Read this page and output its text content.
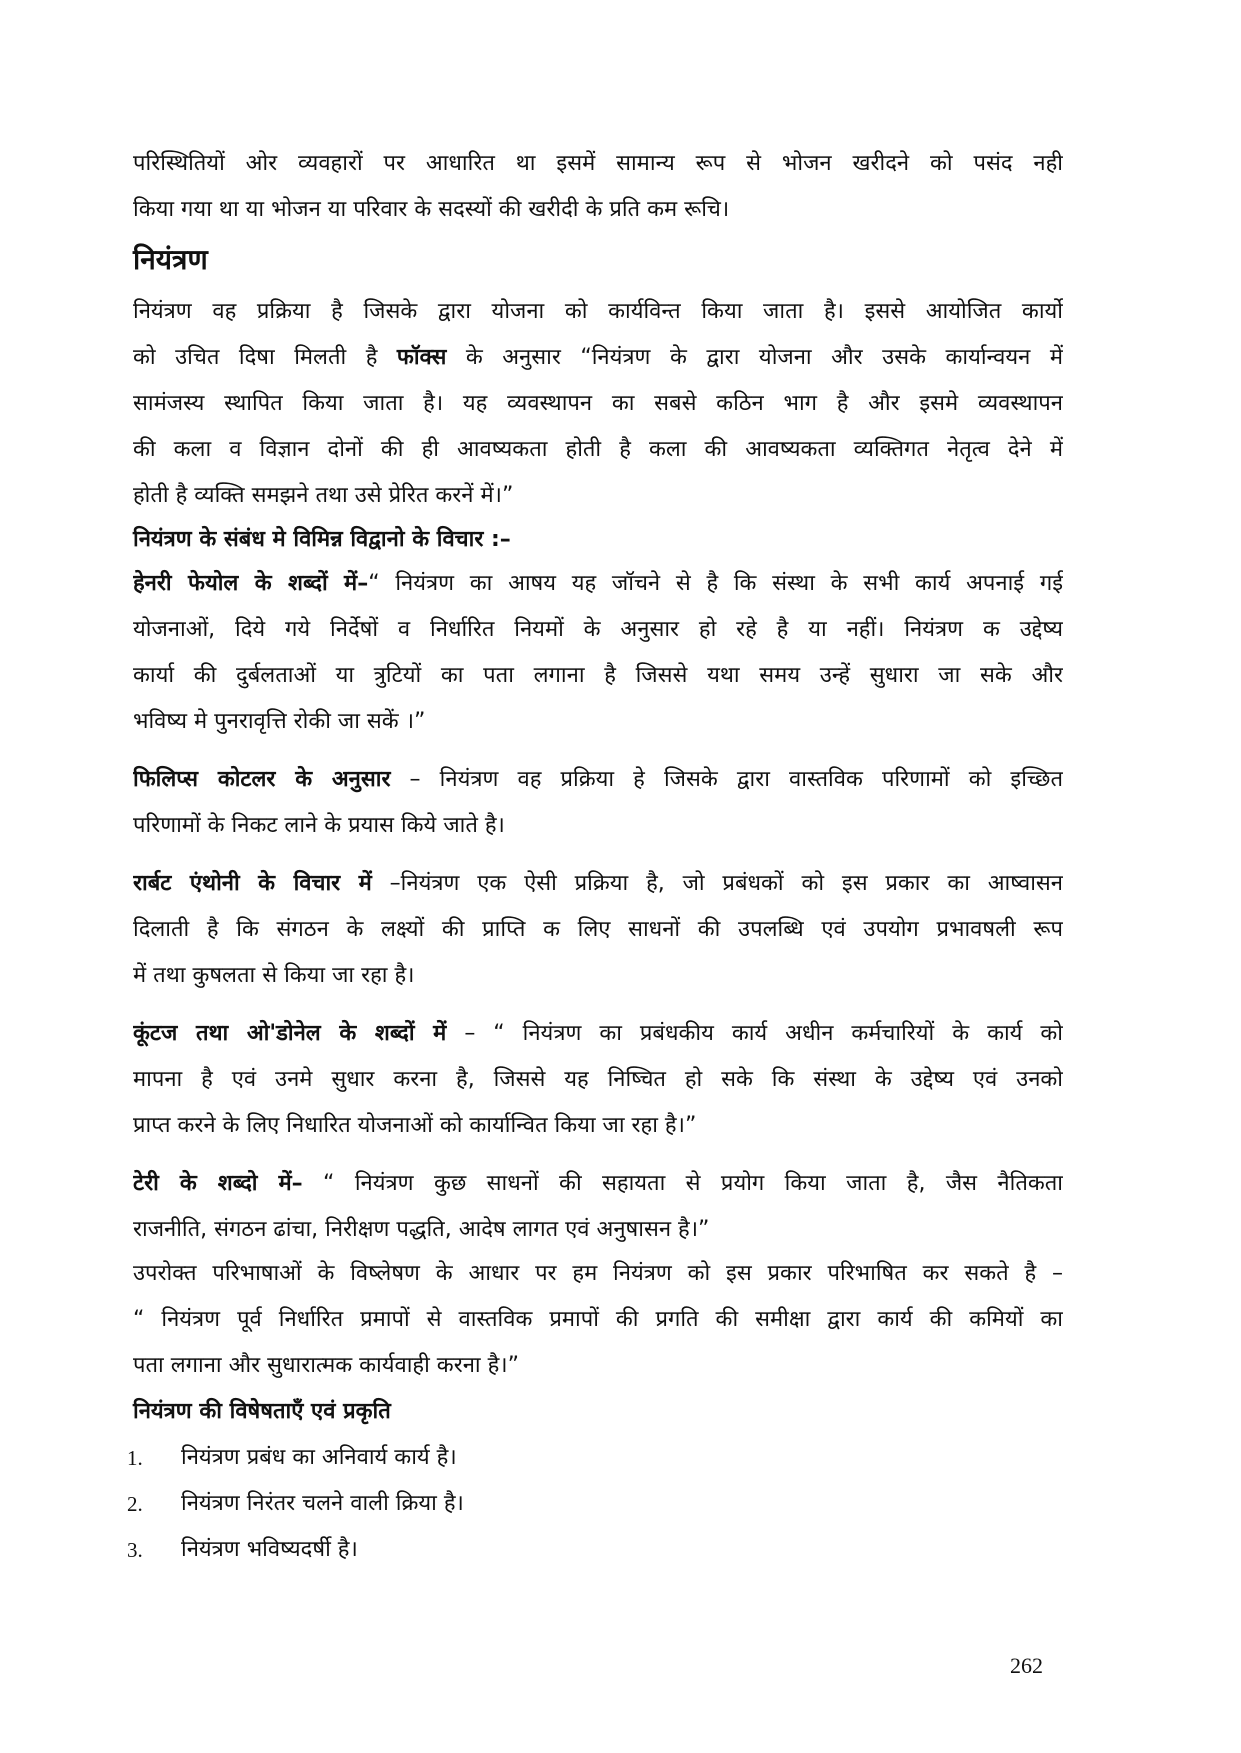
परिस्थितियों ओर व्यवहारों पर आधारित था इसमें सामान्य रूप से भोजन खरीदने को पसंद नही
किया गया था या भोजन या परिवार के सदस्यों की खरीदी के प्रति कम रूचि।
नियंत्रण
नियंत्रण वह प्रक्रिया है जिसके द्वारा योजना को कार्यविन्त किया जाता है। इससे आयोजित कार्यो
को उचित दिषा मिलती है फॉक्स के अनुसार “नियंत्रण के द्वारा योजना और उसके कार्यान्वयन में
सामंजस्य स्थापित किया जाता है। यह व्यवस्थापन का सबसे कठिन भाग है और इसमे व्यवस्थापन
की कला व विज्ञान दोनों की ही आवष्यकता होती है कला की आवष्यकता व्यक्तिगत नेतृत्व देने में
होती है व्यक्ति समझने तथा उसे प्रेरित करनें में।”
नियंत्रण के संबंध मे विमिन्न विद्वानो के विचार :–
हेनरी फेयोल के शब्दों में–“ नियंत्रण का आषय यह जॉचने से है कि संस्था के सभी कार्य अपनाई गई
योजनाओं, दिये गये निर्देषों व निर्धारित नियमों के अनुसार हो रहे है या नहीं। नियंत्रण क उद्देष्य
कार्या की दुर्बलताओं या त्रुटियों का पता लगाना है जिससे यथा समय उन्हें सुधारा जा सके और
भविष्य मे पुनरावृत्ति रोकी जा सकें ।”
फिलिप्स कोटलर के अनुसार – नियंत्रण वह प्रक्रिया हे जिसके द्वारा वास्तविक परिणामों को इच्छित
परिणामों के निकट लाने के प्रयास किये जाते है।
रार्बट एंथोनी के विचार में –नियंत्रण एक ऐसी प्रक्रिया है, जो प्रबंधकों को इस प्रकार का आष्वासन
दिलाती है कि संगठन के लक्ष्यों की प्राप्ति क लिए साधनों की उपलब्धि एवं उपयोग प्रभावषली रूप
में तथा कुषलता से किया जा रहा है।
कूंटज तथा ओ'डोनेल के शब्दों में – “ नियंत्रण का प्रबंधकीय कार्य अधीन कर्मचारियों के कार्य को
मापना है एवं उनमे सुधार करना है, जिससे यह निष्चित हो सके कि संस्था के उद्देष्य एवं उनको
प्राप्त करने के लिए निधारित योजनाओं को कार्यान्वित किया जा रहा है।”
टेरी के शब्दो में– “ नियंत्रण कुछ साधनों की सहायता से प्रयोग किया जाता है, जैस नैतिकता
राजनीति, संगठन ढांचा, निरीक्षण पद्धति, आदेष लागत एवं अनुषासन है।”
उपरोक्त परिभाषाओं के विष्लेषण के आधार पर हम नियंत्रण को इस प्रकार परिभाषित कर सकते है –
“ नियंत्रण पूर्व निर्धारित प्रमापों से वास्तविक प्रमापों की प्रगति की समीक्षा द्वारा कार्य की कमियों का
पता लगाना और सुधारात्मक कार्यवाही करना है।”
नियंत्रण की विषेषताएँ एवं प्रकृति
1. नियंत्रण प्रबंध का अनिवार्य कार्य है।
2. नियंत्रण निरंतर चलने वाली क्रिया है।
3. नियंत्रण भविष्यदर्षी है।
262
